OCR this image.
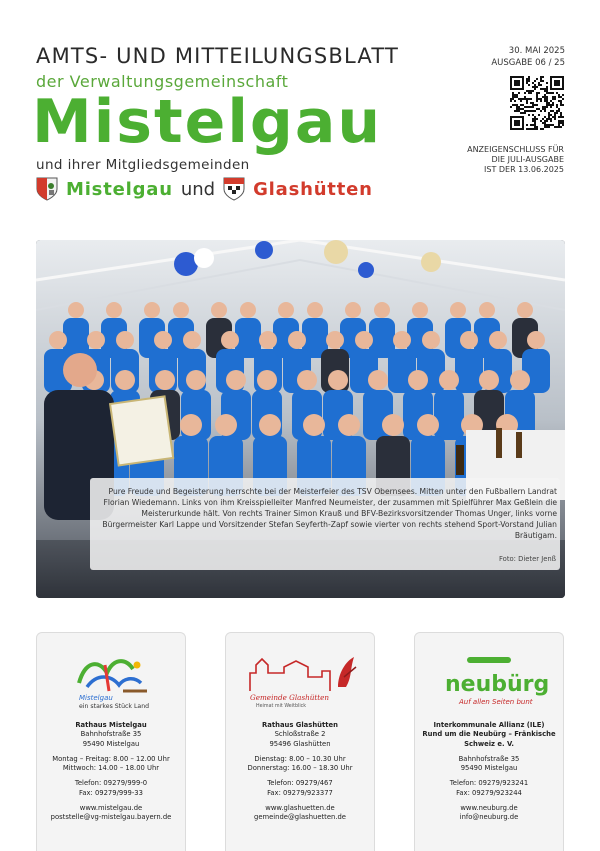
AMTS- UND MITTEILUNGSBLATT
der Verwaltungsgemeinschaft
Mistelgau
und ihrer Mitgliedsgemeinden
Mistelgau und Glashütten
30. MAI 2025
AUSGABE 06 / 25
ANZEIGENSCHLUSS FÜR
DIE JULI-AUSGABE
IST DER 13.06.2025
Pure Freude und Begeisterung herrschte bei der Meisterfeier des TSV Obernsees. Mitten unter den Fußballern Landrat Florian Wiedemann. Links von ihm Kreisspielleiter Manfred Neumeister, der zusammen mit Spielführer Max Geßlein die Meisterurkunde hält. Von rechts Trainer Simon Krauß und BFV-Bezirksvorsitzender Thomas Unger, links vorne Bürgermeister Karl Lappe und Vorsitzender Stefan Seyferth-Zapf sowie vierter von rechts stehend Sport-Vorstand Julian Bräutigam.
Foto: Dieter Jenß
Mistelgau
ein starkes Stück Land
Rathaus Mistelgau
Bahnhofstraße 35
95490 Mistelgau
Montag – Freitag: 8.00 – 12.00 Uhr
Mittwoch: 14.00 – 18.00 Uhr
Telefon: 09279/999-0
Fax: 09279/999-33
www.mistelgau.de
poststelle@vg-mistelgau.bayern.de
Gemeinde Glashütten
Heimat mit Weitblick
Rathaus Glashütten
Schloßstraße 2
95496 Glashütten
Dienstag: 8.00 – 10.30 Uhr
Donnerstag: 16.00 – 18.30 Uhr
Telefon: 09279/467
Fax: 09279/923377
www.glashuetten.de
gemeinde@glashuetten.de
neubürg
Auf allen Seiten bunt
Interkommunale Allianz (ILE)
Rund um die Neubürg – Fränkische
Schweiz e. V.
Bahnhofstraße 35
95490 Mistelgau
Telefon: 09279/923241
Fax: 09279/923244
www.neuburg.de
info@neuburg.de
